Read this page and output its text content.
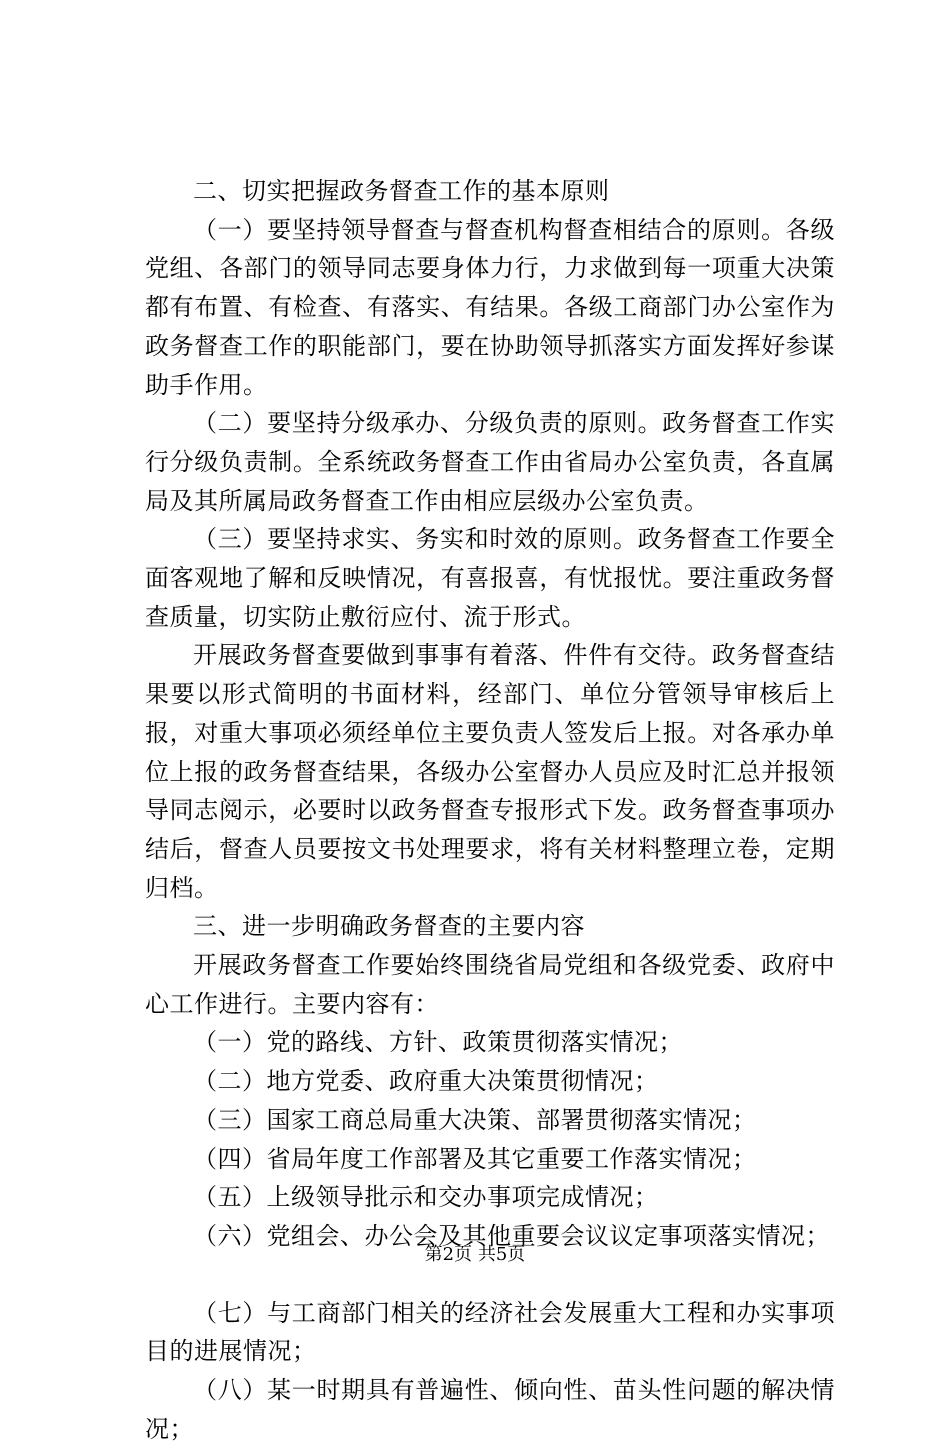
二、切实把握政务督查工作的基本原则

（一）要坚持领导督查与督查机构督查相结合的原则。各级党组、各部门的领导同志要身体力行，力求做到每一项重大决策都有布置、有检查、有落实、有结果。各级工商部门办公室作为政务督查工作的职能部门，要在协助领导抓落实方面发挥好参谋助手作用。

（二）要坚持分级承办、分级负责的原则。政务督查工作实行分级负责制。全系统政务督查工作由省局办公室负责，各直属局及其所属局政务督查工作由相应层级办公室负责。

（三）要坚持求实、务实和时效的原则。政务督查工作要全面客观地了解和反映情况，有喜报喜，有忧报忧。要注重政务督查质量，切实防止敷衍应付、流于形式。

开展政务督查要做到事事有着落、件件有交待。政务督查结果要以形式简明的书面材料，经部门、单位分管领导审核后上报，对重大事项必须经单位主要负责人签发后上报。对各承办单位上报的政务督查结果，各级办公室督办人员应及时汇总并报领导同志阅示，必要时以政务督查专报形式下发。政务督查事项办结后，督查人员要按文书处理要求，将有关材料整理立卷，定期归档。

三、进一步明确政务督查的主要内容

开展政务督查工作要始终围绕省局党组和各级党委、政府中心工作进行。主要内容有：

（一）党的路线、方针、政策贯彻落实情况；

（二）地方党委、政府重大决策贯彻情况；

（三）国家工商总局重大决策、部署贯彻落实情况；

（四）省局年度工作部署及其它重要工作落实情况；

（五）上级领导批示和交办事项完成情况；

（六）党组会、办公会及其他重要会议议定事项落实情况；

（七）与工商部门相关的经济社会发展重大工程和办实事项目的进展情况；

（八）某一时期具有普遍性、倾向性、苗头性问题的解决情况；

第2页 共5页
